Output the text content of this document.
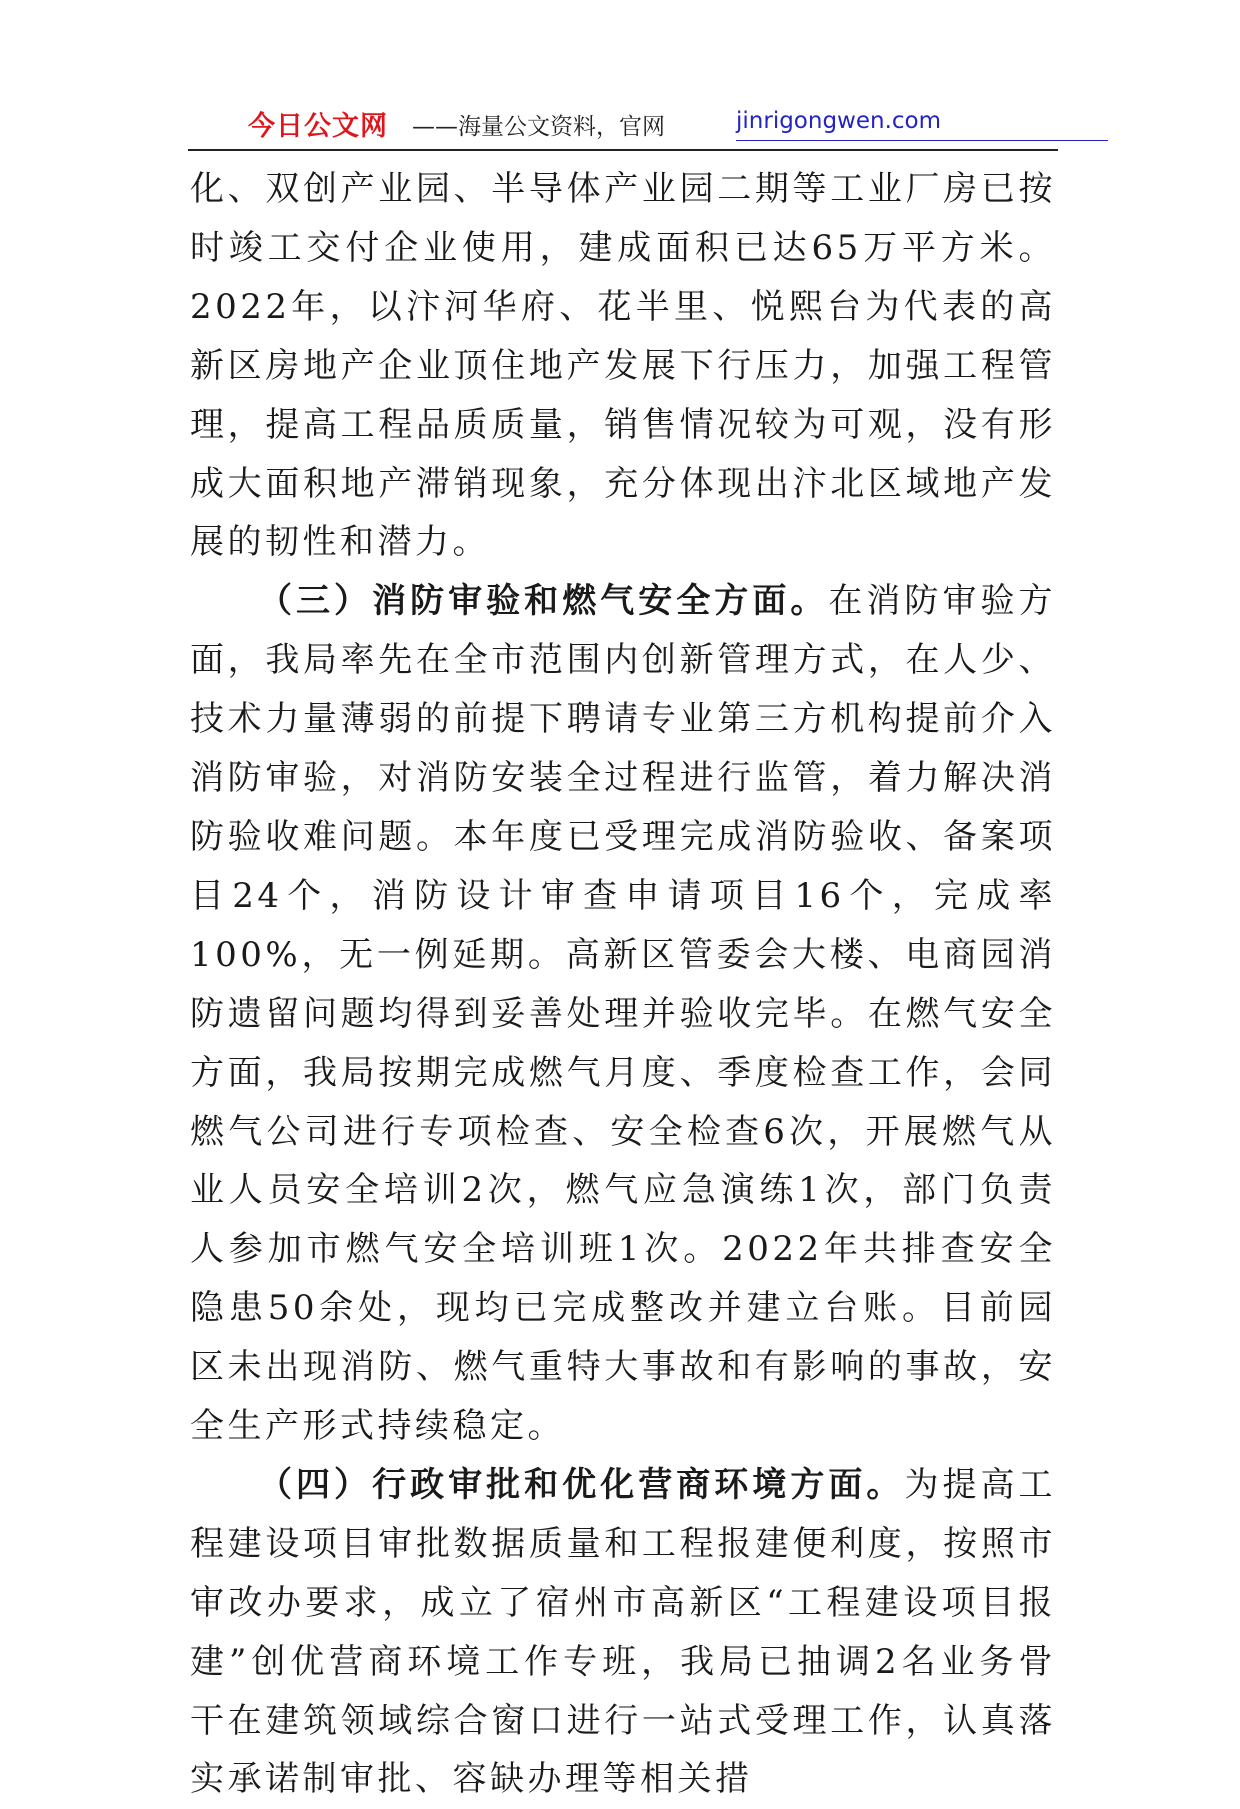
今日公文网 ——海量公文资料，官网	jinrigongwen.com

化、双创产业园、半导体产业园二期等工业厂房已按时竣工交付企业使用，建成面积已达65万平方米。2022年，以汴河华府、花半里、悦熙台为代表的高新区房地产企业顶住地产发展下行压力，加强工程管理，提高工程品质质量，销售情况较为可观，没有形成大面积地产滞销现象，充分体现出汴北区域地产发展的韧性和潜力。

（三）消防审验和燃气安全方面。在消防审验方面，我局率先在全市范围内创新管理方式，在人少、技术力量薄弱的前提下聘请专业第三方机构提前介入消防审验，对消防安装全过程进行监管，着力解决消防验收难问题。本年度已受理完成消防验收、备案项目24个，消防设计审查申请项目16个，完成率100%，无一例延期。高新区管委会大楼、电商园消防遗留问题均得到妥善处理并验收完毕。在燃气安全方面，我局按期完成燃气月度、季度检查工作，会同燃气公司进行专项检查、安全检查6次，开展燃气从业人员安全培训2次，燃气应急演练1次，部门负责人参加市燃气安全培训班1次。2022年共排查安全隐患50余处，现均已完成整改并建立台账。目前园区未出现消防、燃气重特大事故和有影响的事故，安全生产形式持续稳定。

（四）行政审批和优化营商环境方面。为提高工程建设项目审批数据质量和工程报建便利度，按照市审改办要求，成立了宿州市高新区“工程建设项目报建”创优营商环境工作专班，我局已抽调2名业务骨干在建筑领域综合窗口进行一站式受理工作，认真落实承诺制审批、容缺办理等相关措
